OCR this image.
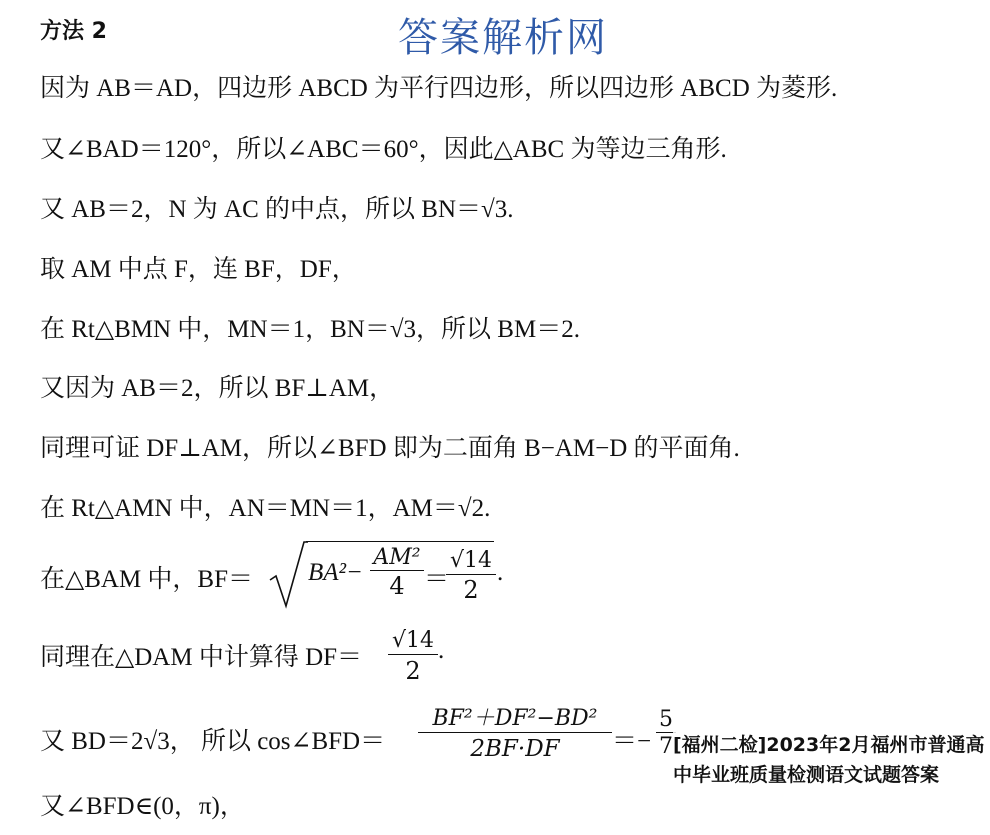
方法 2	答案解析网
因为 AB＝AD，四边形 ABCD 为平行四边形，所以四边形 ABCD 为菱形.
又∠BAD＝120°，所以∠ABC＝60°，因此△ABC 为等边三角形.
又 AB＝2，N 为 AC 的中点，所以 BN＝√3.
取 AM 中点 F，连 BF，DF，
在 Rt△BMN 中，MN＝1，BN＝√3，所以 BM＝2.
又因为 AB＝2，所以 BF⊥AM，
同理可证 DF⊥AM，所以∠BFD 即为二面角 B−AM−D 的平面角.
在 Rt△AMN 中，AN＝MN＝1，AM＝√2.
在△BAM 中，BF＝ BA²−
AM²
4 ＝
√14
2
.
同理在△DAM 中计算得 DF＝
√14
2
.
又 BD＝2√3， 所以 cos∠BFD＝
BF²＋DF²−BD²
2BF·DF	＝−
5
7
又∠BFD∈(0，π)，
[福州二检]2023年2月福州市普通高中毕业班质量检测语文试题答案
